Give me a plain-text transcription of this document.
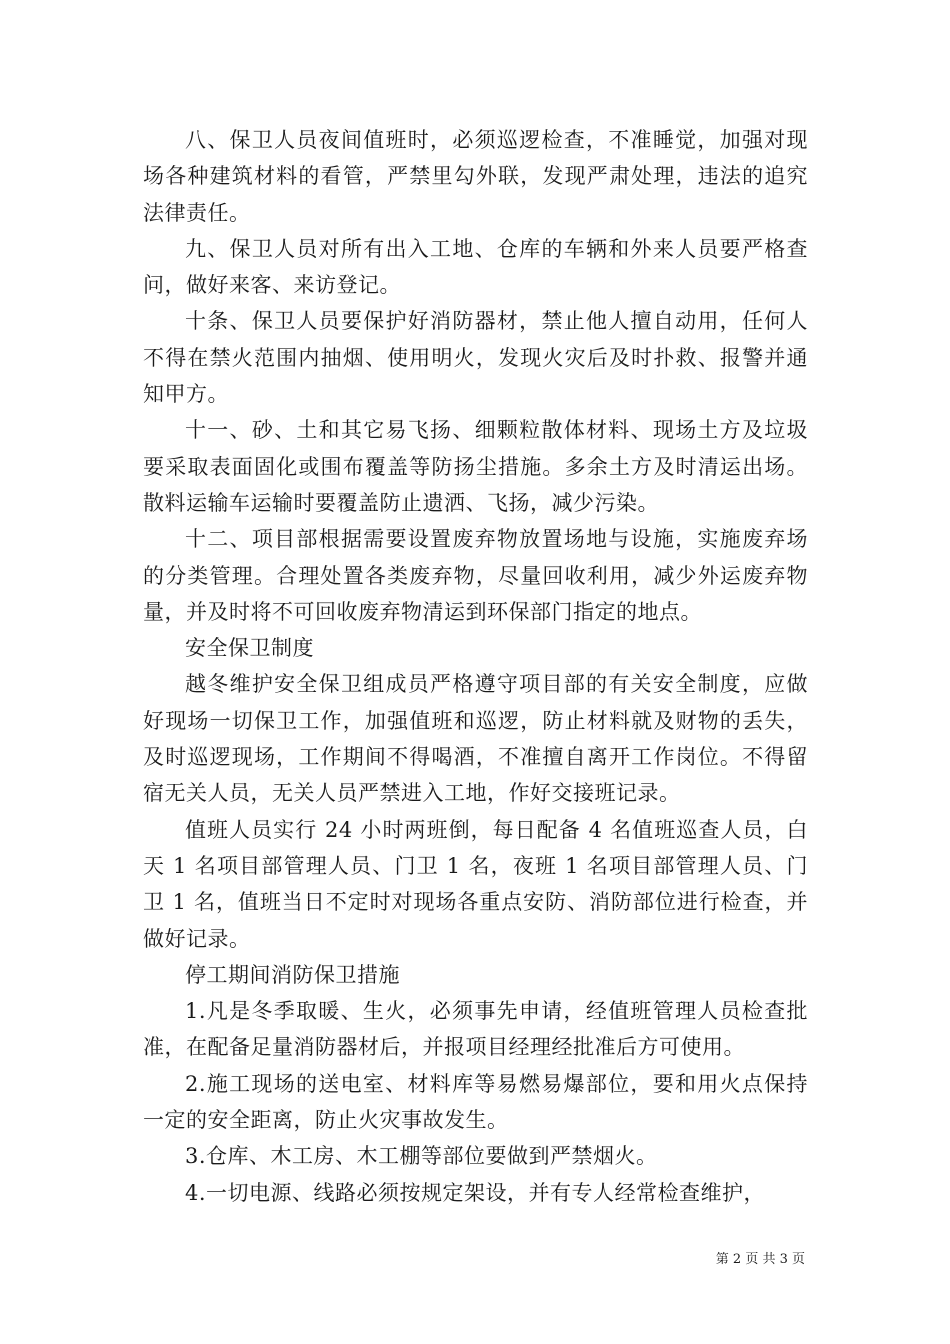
八、保卫人员夜间值班时，必须巡逻检查，不准睡觉，加强对现场各种建筑材料的看管，严禁里勾外联，发现严肃处理，违法的追究法律责任。

九、保卫人员对所有出入工地、仓库的车辆和外来人员要严格查问，做好来客、来访登记。

十条、保卫人员要保护好消防器材，禁止他人擅自动用，任何人不得在禁火范围内抽烟、使用明火，发现火灾后及时扑救、报警并通知甲方。

十一、砂、土和其它易飞扬、细颗粒散体材料、现场土方及垃圾要采取表面固化或围布覆盖等防扬尘措施。多余土方及时清运出场。散料运输车运输时要覆盖防止遗洒、飞扬，减少污染。

十二、项目部根据需要设置废弃物放置场地与设施，实施废弃场的分类管理。合理处置各类废弃物，尽量回收利用，减少外运废弃物量，并及时将不可回收废弃物清运到环保部门指定的地点。

安全保卫制度

越冬维护安全保卫组成员严格遵守项目部的有关安全制度，应做好现场一切保卫工作，加强值班和巡逻，防止材料就及财物的丢失，及时巡逻现场，工作期间不得喝酒，不准擅自离开工作岗位。不得留宿无关人员，无关人员严禁进入工地，作好交接班记录。

值班人员实行 24 小时两班倒，每日配备 4 名值班巡查人员，白天 1 名项目部管理人员、门卫 1 名，夜班 1 名项目部管理人员、门卫 1 名，值班当日不定时对现场各重点安防、消防部位进行检查，并做好记录。

停工期间消防保卫措施

1.凡是冬季取暖、生火，必须事先申请，经值班管理人员检查批准，在配备足量消防器材后，并报项目经理经批准后方可使用。

2.施工现场的送电室、材料库等易燃易爆部位，要和用火点保持一定的安全距离，防止火灾事故发生。

3.仓库、木工房、木工棚等部位要做到严禁烟火。

4.一切电源、线路必须按规定架设，并有专人经常检查维护，

第 2 页 共 3 页
